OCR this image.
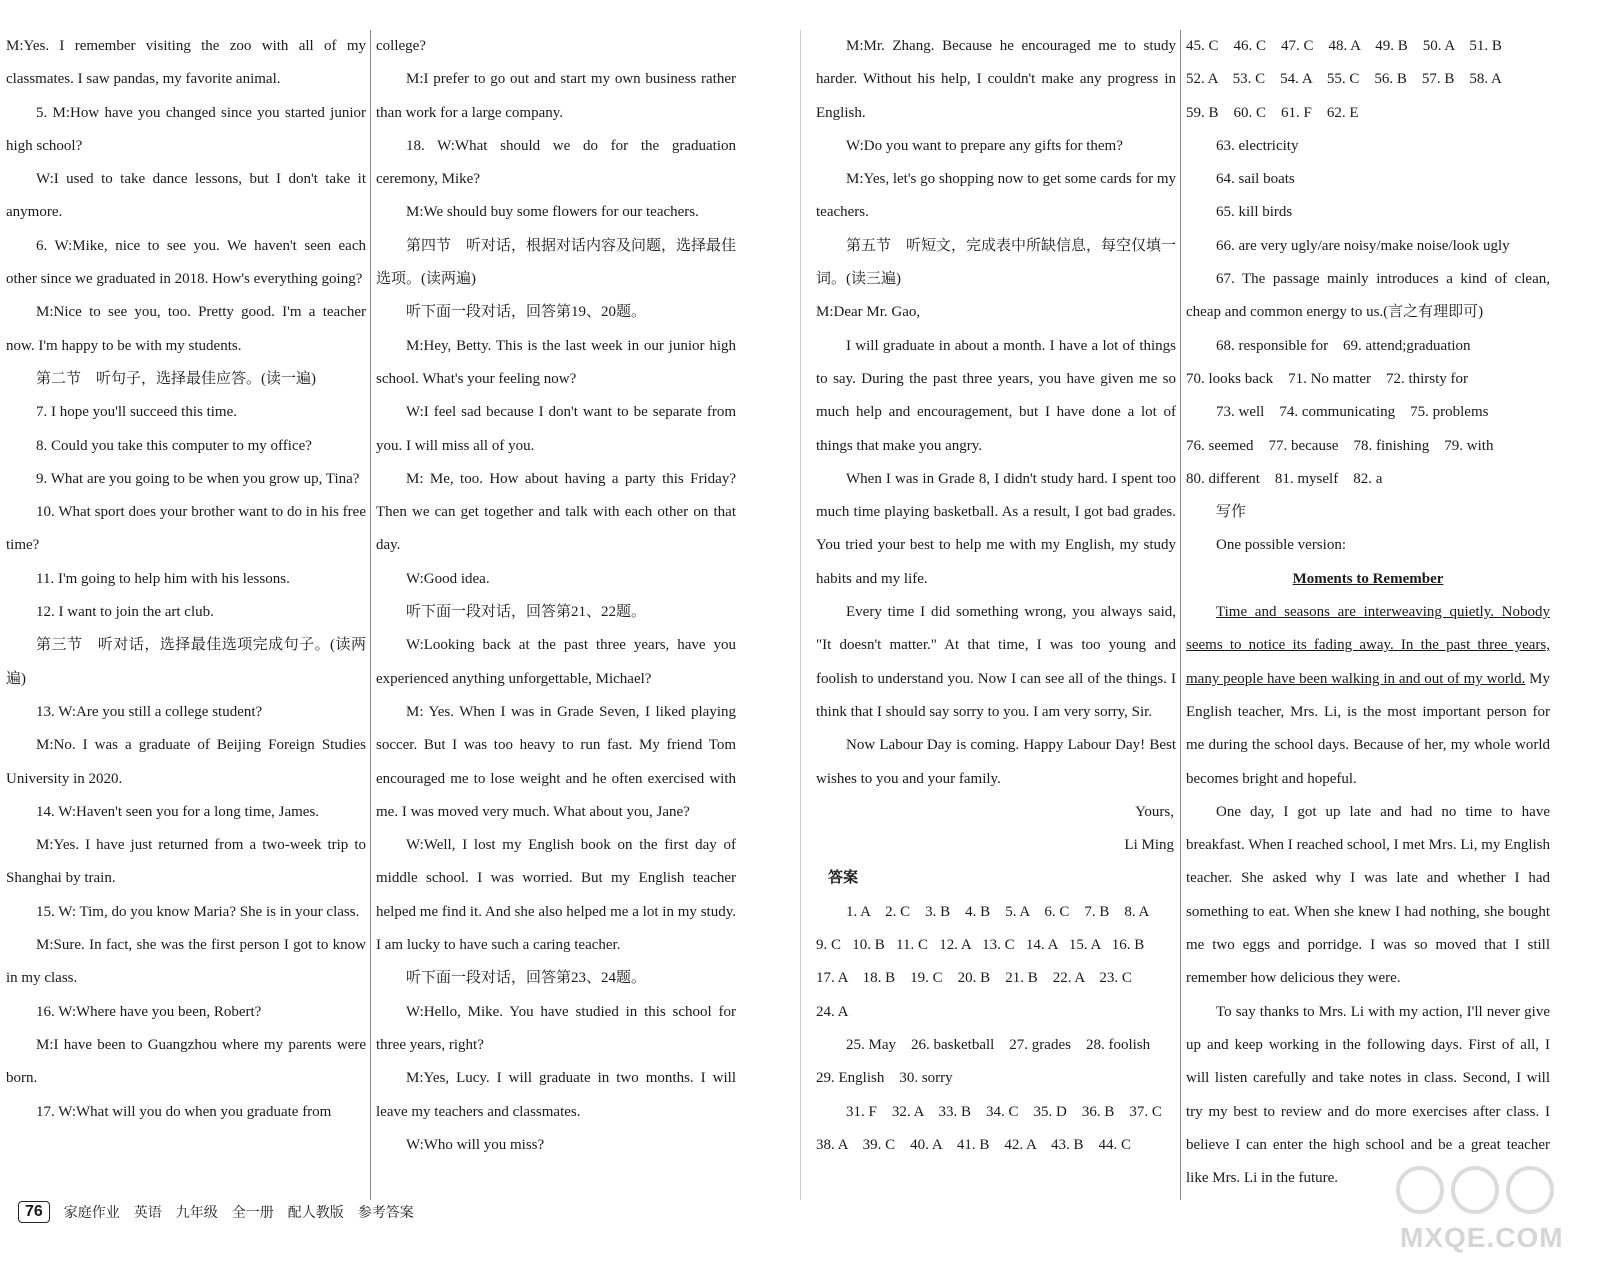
M:Yes. I remember visiting the zoo with all of my classmates. I saw pandas, my favorite animal.

5. M:How have you changed since you started junior high school?

W:I used to take dance lessons, but I don't take it anymore.

6. W:Mike, nice to see you. We haven't seen each other since we graduated in 2018. How's everything going?

M:Nice to see you, too. Pretty good. I'm a teacher now. I'm happy to be with my students.

第二节　听句子，选择最佳应答。(读一遍)

7. I hope you'll succeed this time.

8. Could you take this computer to my office?

9. What are you going to be when you grow up, Tina?

10. What sport does your brother want to do in his free time?

11. I'm going to help him with his lessons.

12. I want to join the art club.

第三节　听对话，选择最佳选项完成句子。(读两遍)

13. W:Are you still a college student?

M:No. I was a graduate of Beijing Foreign Studies University in 2020.

14. W:Haven't seen you for a long time, James.

M:Yes. I have just returned from a two-week trip to Shanghai by train.

15. W: Tim, do you know Maria? She is in your class.

M:Sure. In fact, she was the first person I got to know in my class.

16. W:Where have you been, Robert?

M:I have been to Guangzhou where my parents were born.

17. W:What will you do when you graduate from

college?

M:I prefer to go out and start my own business rather than work for a large company.

18. W:What should we do for the graduation ceremony, Mike?

M:We should buy some flowers for our teachers.

第四节　听对话，根据对话内容及问题，选择最佳选项。(读两遍)

听下面一段对话，回答第19、20题。

M:Hey, Betty. This is the last week in our junior high school. What's your feeling now?

W:I feel sad because I don't want to be separate from you. I will miss all of you.

M: Me, too. How about having a party this Friday? Then we can get together and talk with each other on that day.

W:Good idea.

听下面一段对话，回答第21、22题。

W:Looking back at the past three years, have you experienced anything unforgettable, Michael?

M: Yes. When I was in Grade Seven, I liked playing soccer. But I was too heavy to run fast. My friend Tom encouraged me to lose weight and he often exercised with me. I was moved very much. What about you, Jane?

W:Well, I lost my English book on the first day of middle school. I was worried. But my English teacher helped me find it. And she also helped me a lot in my study. I am lucky to have such a caring teacher.

听下面一段对话，回答第23、24题。

W:Hello, Mike. You have studied in this school for three years, right?

M:Yes, Lucy. I will graduate in two months. I will leave my teachers and classmates.

W:Who will you miss?

M:Mr. Zhang. Because he encouraged me to study harder. Without his help, I couldn't make any progress in English.

W:Do you want to prepare any gifts for them?

M:Yes, let's go shopping now to get some cards for my teachers.

第五节　听短文，完成表中所缺信息，每空仅填一词。(读三遍)

M:Dear Mr. Gao,

I will graduate in about a month. I have a lot of things to say. During the past three years, you have given me so much help and encouragement, but I have done a lot of things that make you angry.

When I was in Grade 8, I didn't study hard. I spent too much time playing basketball. As a result, I got bad grades. You tried your best to help me with my English, my study habits and my life.

Every time I did something wrong, you always said, "It doesn't matter." At that time, I was too young and foolish to understand you. Now I can see all of the things. I think that I should say sorry to you. I am very sorry, Sir.

Now Labour Day is coming. Happy Labour Day! Best wishes to you and your family.

Yours,

Li Ming

答案

1. A    2. C    3. B    4. B    5. A    6. C    7. B    8. A

9. C   10. B   11. C   12. A   13. C   14. A   15. A   16. B

17. A    18. B    19. C    20. B    21. B    22. A    23. C

24. A

25. May    26. basketball    27. grades    28. foolish

29. English    30. sorry

31. F    32. A    33. B    34. C    35. D    36. B    37. C

38. A    39. C    40. A    41. B    42. A    43. B    44. C

45. C    46. C    47. C    48. A    49. B    50. A    51. B

52. A    53. C    54. A    55. C    56. B    57. B    58. A

59. B    60. C    61. F    62. E

63. electricity

64. sail boats

65. kill birds

66. are very ugly/are noisy/make noise/look ugly

67. The passage mainly introduces a kind of clean, cheap and common energy to us.(言之有理即可)

68. responsible for    69. attend;graduation

70. looks back    71. No matter    72. thirsty for

73. well    74. communicating    75. problems

76. seemed    77. because    78. finishing    79. with

80. different    81. myself    82. a

写作

One possible version:

Moments to Remember

Time and seasons are interweaving quietly. Nobody seems to notice its fading away. In the past three years, many people have been walking in and out of my world. My English teacher, Mrs. Li, is the most important person for me during the school days. Because of her, my whole world becomes bright and hopeful.

One day, I got up late and had no time to have breakfast. When I reached school, I met Mrs. Li, my English teacher. She asked why I was late and whether I had something to eat. When she knew I had nothing, she bought me two eggs and porridge. I was so moved that I still remember how delicious they were.

To say thanks to Mrs. Li with my action, I'll never give up and keep working in the following days. First of all, I will listen carefully and take notes in class. Second, I will try my best to review and do more exercises after class. I believe I can enter the high school and be a great teacher like Mrs. Li in the future.

76	家庭作业　英语　九年级　全一册　配人教版　参考答案
MXQE.COM
